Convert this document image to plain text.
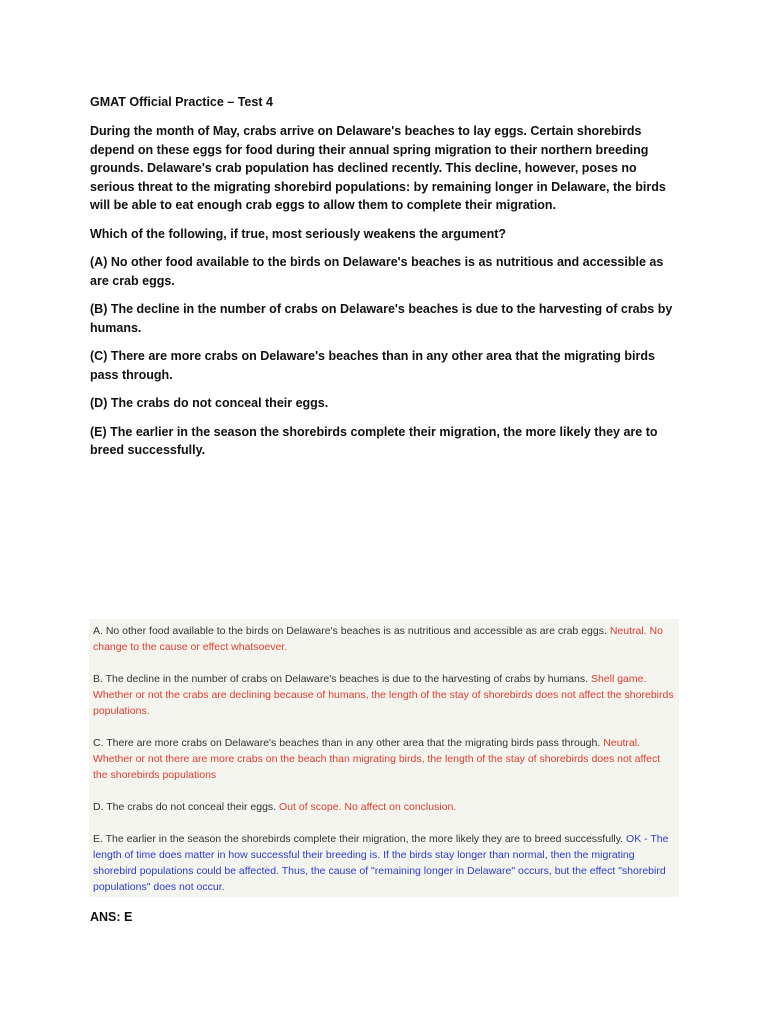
GMAT Official Practice – Test 4

During the month of May, crabs arrive on Delaware's beaches to lay eggs. Certain shorebirds depend on these eggs for food during their annual spring migration to their northern breeding grounds. Delaware's crab population has declined recently. This decline, however, poses no serious threat to the migrating shorebird populations: by remaining longer in Delaware, the birds will be able to eat enough crab eggs to allow them to complete their migration.

Which of the following, if true, most seriously weakens the argument?

(A) No other food available to the birds on Delaware's beaches is as nutritious and accessible as are crab eggs.

(B) The decline in the number of crabs on Delaware's beaches is due to the harvesting of crabs by humans.

(C) There are more crabs on Delaware's beaches than in any other area that the migrating birds pass through.

(D) The crabs do not conceal their eggs.

(E) The earlier in the season the shorebirds complete their migration, the more likely they are to breed successfully.

A. No other food available to the birds on Delaware's beaches is as nutritious and accessible as are crab eggs. Neutral. No change to the cause or effect whatsoever.

B. The decline in the number of crabs on Delaware's beaches is due to the harvesting of crabs by humans. Shell game. Whether or not the crabs are declining because of humans, the length of the stay of shorebirds does not affect the shorebirds populations.

C. There are more crabs on Delaware's beaches than in any other area that the migrating birds pass through. Neutral. Whether or not there are more crabs on the beach than migrating birds, the length of the stay of shorebirds does not affect the shorebirds populations

D. The crabs do not conceal their eggs. Out of scope. No affect on conclusion.

E. The earlier in the season the shorebirds complete their migration, the more likely they are to breed successfully. OK - The length of time does matter in how successful their breeding is. If the birds stay longer than normal, then the migrating shorebird populations could be affected. Thus, the cause of "remaining longer in Delaware" occurs, but the effect "shorebird populations" does not occur.

ANS: E
